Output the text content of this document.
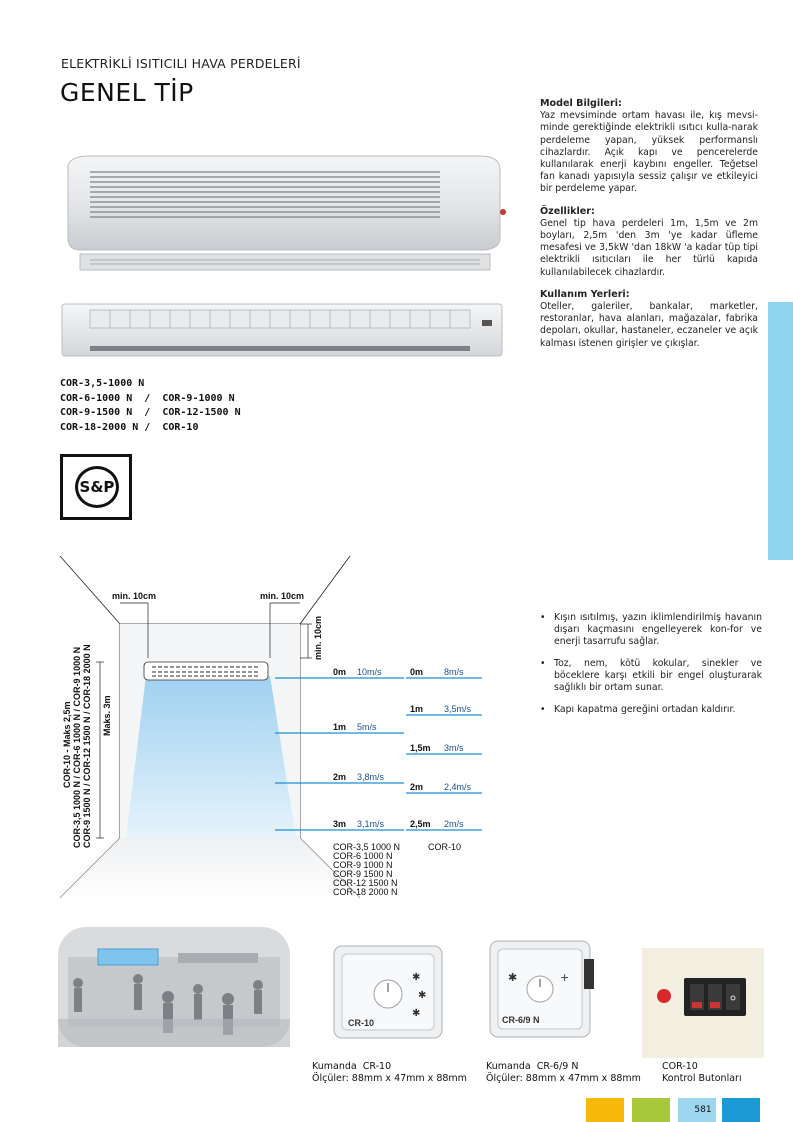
ELEKTRİKLİ ISITICILI HAVA PERDELERİ
GENEL TİP	Model Bilgileri:

Yaz mevsiminde ortam havası ile, kış mevsi-minde gerektiğinde elektrikli ısıtıcı kulla-narak perdeleme yapan, yüksek performanslı cihazlardır. Açık kapı ve pencerelerde kullanılarak enerji kaybını engeller. Teğetsel fan kanadı yapısıyla sessiz çalışır ve etkileyici bir perdeleme yapar.

Özellikler:

Genel tip hava perdeleri 1m, 1,5m ve 2m boyları, 2,5m 'den 3m 'ye kadar üfleme mesafesi ve 3,5kW 'dan 18kW 'a kadar tüp tipi elektrikli ısıtıcıları ile her türlü kapıda kullanılabilecek cihazlardır.

Kullanım Yerleri:

Oteller, galeriler, bankalar, marketler, restoranlar, hava alanları, mağazalar, fabrika depoları, okullar, hastaneler, eczaneler ve açık kalması istenen girişler ve çıkışlar.

COR-3,5-1000 N
COR-6-1000 N  /  COR-9-1000 N
COR-9-1500 N  /  COR-12-1500 N
COR-18-2000 N /  COR-10
S&P
• Kışın ısıtılmış, yazın iklimlendirilmiş havanın dışarı kaçmasını engelleyerek kon-for ve enerji tasarrufu sağlar.
• Toz, nem, kötü kokular, sinekler ve böceklere karşı etkili bir engel oluşturarak sağlıklı bir ortam sunar.
• Kapı kapatma gereğini ortadan kaldırır.
min. 10cm	min. 10cm
min. 10cm
COR-10 - Maks 2,5m COR-3,5 1000 N / COR-6 1000 N / COR-9 1000 N COR-9 1500 N / COR-12 1500 N / COR-18 2000 N Maks. 3m
0m 10m/s
1m 5m/s
2m 3,8m/s
3m 3,1m/s
0m 8m/s
1m 3,5m/s
1,5m 3m/s
2m 2,4m/s
2,5m 2m/s
COR-3,5 1000 N
COR-6 1000 N
COR-9 1000 N
COR-9 1500 N
COR-12 1500 N
COR-18 2000 N
COR-10
CR-10
✱
✱
✱
CR-6/9 N
+
✱
Kumanda  CR-10
Ölçüler: 88mm x 47mm x 88mm
Kumanda  CR-6/9 N
Ölçüler: 88mm x 47mm x 88mm
COR-10
Kontrol Butonları
581
